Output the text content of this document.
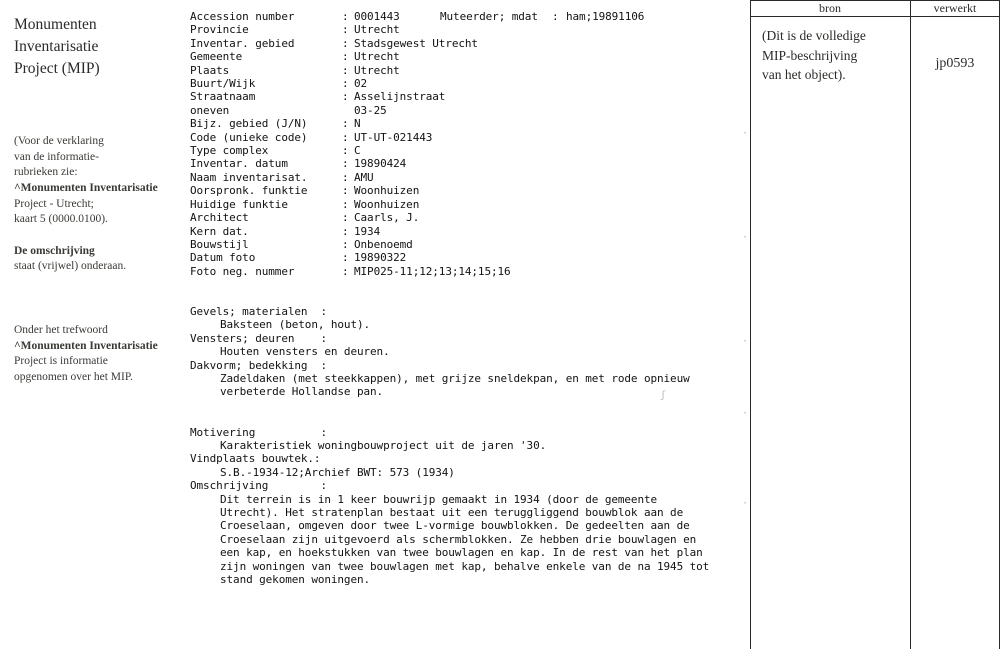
Monumenten
Inventarisatie
Project (MIP)
(Voor de verklaring
van de informatie-
rubrieken zie:
^Monumenten Inventarisatie
Project - Utrecht;
kaart 5 (0000.0100).
De omschrijving
staat (vrijwel) onderaan.
Onder het trefwoord
^Monumenten Inventarisatie
Project is informatie
opgenomen over het MIP.
Accession number	: 0001443	Muteerder; mdat : ham;19891106
Provincie	: Utrecht
Inventar. gebied	: Stadsgewest Utrecht
Gemeente	: Utrecht
Plaats	: Utrecht
Buurt/Wijk	: 02
Straatnaam	: Asselijnstraat
oneven	03-25
Bijz. gebied (J/N)	: N
Code (unieke code)	: UT-UT-021443
Type complex	: C
Inventar. datum	: 19890424
Naam inventarisat.	: AMU
Oorspronk. funktie	: Woonhuizen
Huidige funktie	: Woonhuizen
Architect	: Caarls, J.
Kern dat.	: 1934
Bouwstijl	: Onbenoemd
Datum foto	: 19890322
Foto neg. nummer	: MIP025-11;12;13;14;15;16
Gevels; materialen  :
Baksteen (beton, hout).
Vensters; deuren    :
Houten vensters en deuren.
Dakvorm; bedekking  :
Zadeldaken (met steekkappen), met grijze sneldekpan, en met rode opnieuw
verbeterde Hollandse pan.
Motivering          :
Karakteristiek woningbouwproject uit de jaren '30.
Vindplaats bouwtek.:
S.B.-1934-12;Archief BWT: 573 (1934)
Omschrijving        :
Dit terrein is in 1 keer bouwrijp gemaakt in 1934 (door de gemeente
Utrecht). Het stratenplan bestaat uit een teruggliggend bouwblok aan de
Croeselaan, omgeven door twee L-vormige bouwblokken. De gedeelten aan de
Croeselaan zijn uitgevoerd als schermblokken. Ze hebben drie bouwlagen en
een kap, en hoekstukken van twee bouwlagen en kap. In de rest van het plan
zijn woningen van twee bouwlagen met kap, behalve enkele van de na 1945 tot
stand gekomen woningen.
·
·
·
·
·
ʃ
bron	verwerkt
(Dit is de volledige
MIP-beschrijving
van het object).
jp0593
